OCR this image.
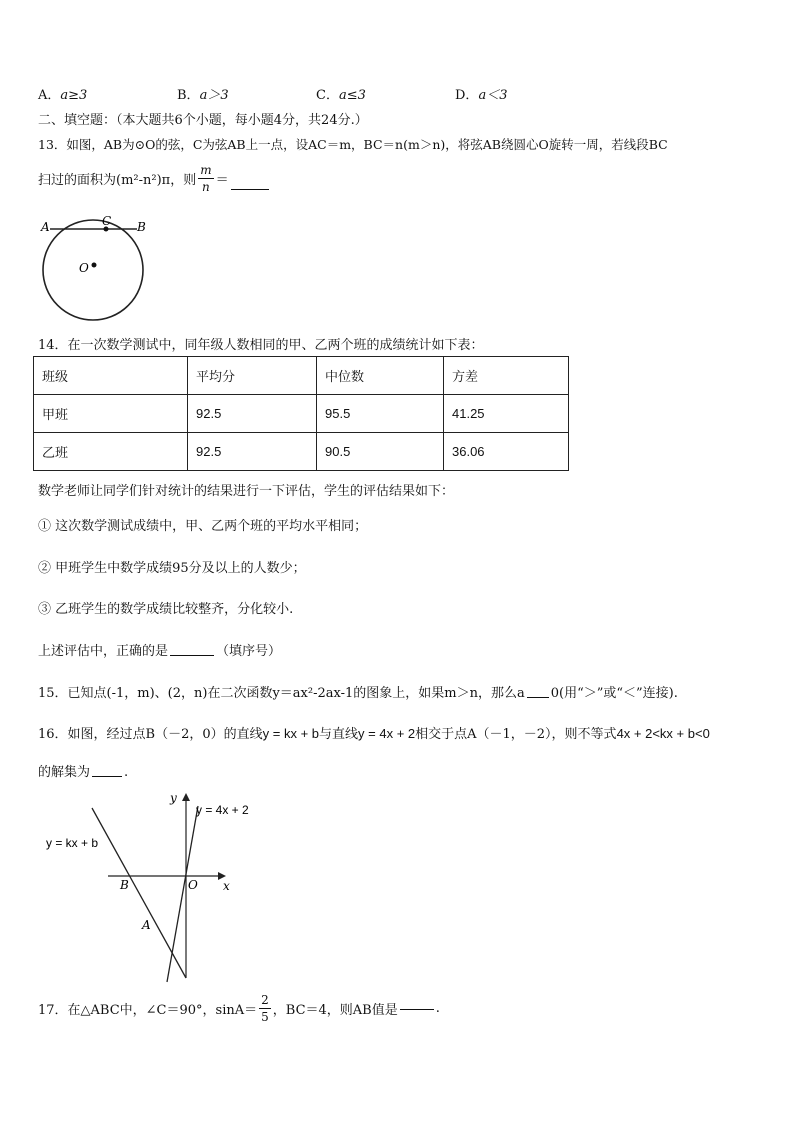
A．a≥3	B．a＞3	C．a≤3	D．a＜3
二、填空题：（本大题共6个小题，每小题4分，共24分.）
13．如图，AB为⊙O的弦，C为弦AB上一点，设AC＝m，BC＝n(m＞n)，将弦AB绕圆心O旋转一周，若线段BC
扫过的面积为(m²-n²)π，则 $\frac{m}{n}$ ＝
A	C B
O
14．在一次数学测试中，同年级人数相同的甲、乙两个班的成绩统计如下表：
班级	平均分	中位数	方差
甲班	92.5	95.5	41.25
乙班	92.5	90.5	36.06
数学老师让同学们针对统计的结果进行一下评估，学生的评估结果如下：
① 这次数学测试成绩中，甲、乙两个班的平均水平相同；
② 甲班学生中数学成绩95分及以上的人数少；
③ 乙班学生的数学成绩比较整齐，分化较小.
上述评估中，正确的是	（填序号）
15．已知点(-1，m)、(2，n)在二次函数y＝ax²-2ax-1的图象上，如果m＞n，那么a 0(用“＞”或“＜”连接).
16．如图，经过点B（－2，0）的直线y = kx + b与直线y = 4x + 2相交于点A（－1，－2），则不等式4x + 2<kx + b<0
的解集为	.
y
x
y = 4x + 2
y = kx + b
B	O
A
17．在△ABC中，∠C＝90°，$\sin A= \frac{2}{5}$ ，BC＝4，则AB值是	.
